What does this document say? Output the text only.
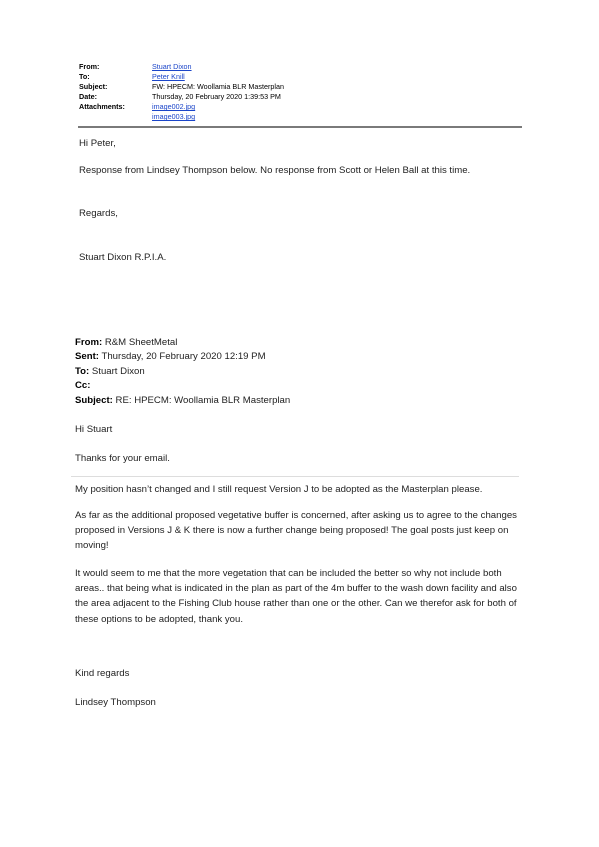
From:	Stuart Dixon
To:	Peter Knill
Subject:	FW: HPECM: Woollamia BLR Masterplan
Date:	Thursday, 20 February 2020 1:39:53 PM
Attachments:	image002.jpg
image003.jpg
Hi Peter,
Response from Lindsey Thompson below. No response from Scott or Helen Ball at this time.
Regards,
Stuart Dixon R.P.I.A.
From: R&M SheetMetal
Sent: Thursday, 20 February 2020 12:19 PM
To: Stuart Dixon
Cc:
Subject: RE: HPECM: Woollamia BLR Masterplan
Hi Stuart
Thanks for your email.
My position hasn’t changed and I still request Version J to be adopted as the Masterplan please.
As far as the additional proposed vegetative buffer is concerned, after asking us to agree to the changes proposed in Versions J & K there is now a further change being proposed! The goal posts just keep on moving!
It would seem to me that the more vegetation that can be included the better so why not include both areas.. that being what is indicated in the plan as part of the 4m buffer to the wash down facility and also the area adjacent to the Fishing Club house rather than one or the other. Can we therefor ask for both of these options to be adopted, thank you.
Kind regards
Lindsey Thompson
